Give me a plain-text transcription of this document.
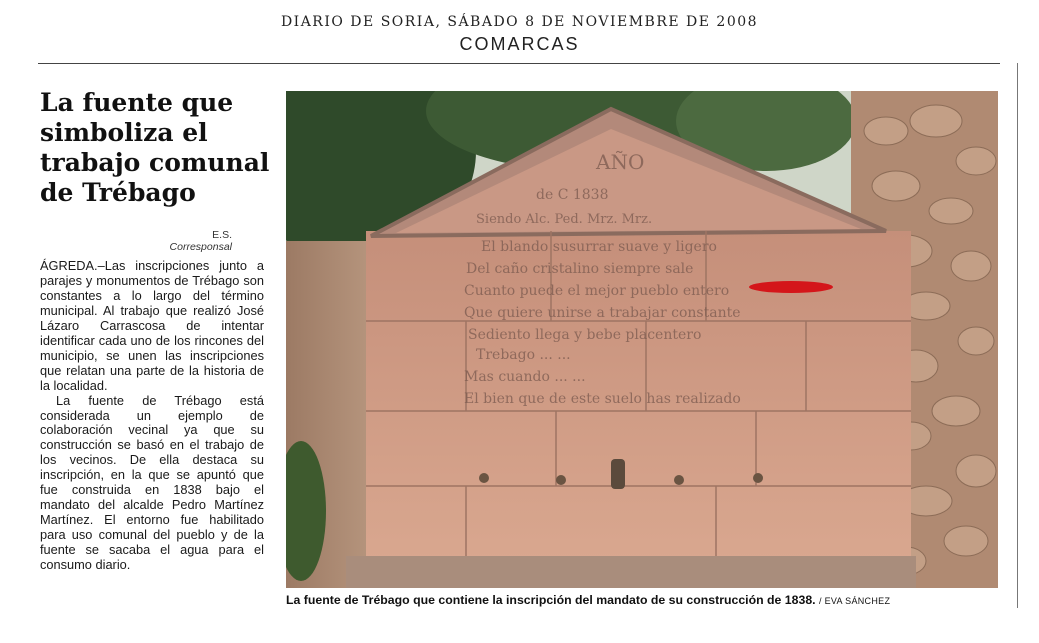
DIARIO DE SORIA, SÁBADO 8 DE NOVIEMBRE DE 2008
COMARCAS
La fuente que simboliza el trabajo comunal de Trébago
E.S.
Corresponsal

ÁGREDA.–Las inscripciones junto a parajes y monumentos de Trébago son constantes a lo largo del término municipal. Al trabajo que realizó José Lázaro Carrascosa de intentar identificar cada uno de los rincones del municipio, se unen las inscripciones que relatan una parte de la historia de la localidad.

La fuente de Trébago está considerada un ejemplo de colaboración vecinal ya que su construcción se basó en el trabajo de los vecinos. De ella destaca su inscripción, en la que se apuntó que fue construida en 1838 bajo el mandato del alcalde Pedro Martínez Martínez. El entorno fue habilitado para uso comunal del pueblo y de la fuente se sacaba el agua para el consumo diario.

AÑO
de C 1838
Siendo Alc. Ped. Mrz. Mrz.
El blando susurrar suave y ligero
Del caño cristalino siempre sale
Cuanto puede el mejor pueblo entero
Que quiere unirse a trabajar constante
Sediento llega y bebe placentero
Trebago ... ...
Mas cuando ... ...
El bien que de este suelo has realizado
La fuente de Trébago que contiene la inscripción del mandato de su construcción de 1838. / EVA SÁNCHEZ
